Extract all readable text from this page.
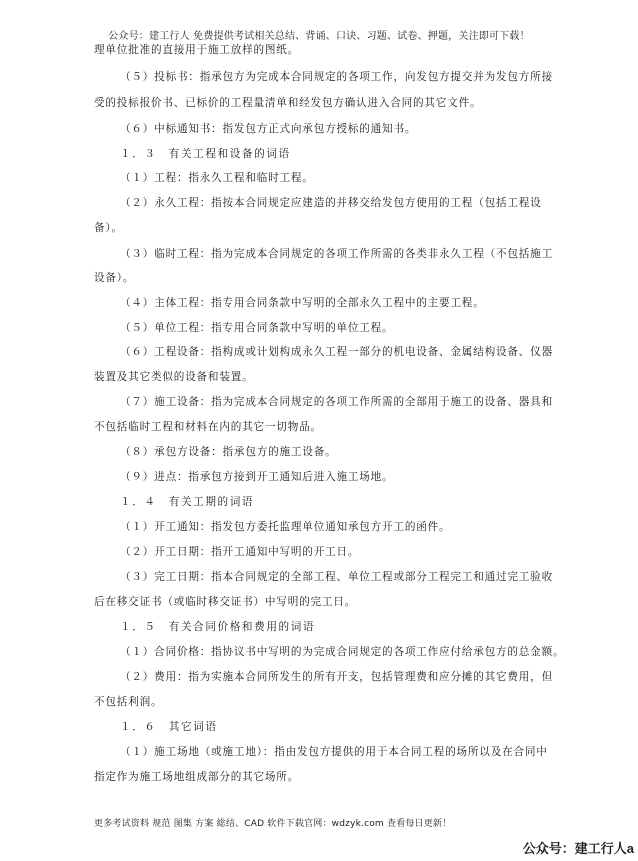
公众号：建工行人 免费提供考试相关总结、背诵、口诀、习题、试卷、押题，关注即可下载！

理单位批准的直接用于施工放样的图纸。

（５）投标书：指承包方为完成本合同规定的各项工作，向发包方提交并为发包方所接

受的投标报价书、已标价的工程量清单和经发包方确认进入合同的其它文件。

（６）中标通知书：指发包方正式向承包方授标的通知书。

１．３　有关工程和设备的词语

（１）工程：指永久工程和临时工程。

（２）永久工程：指按本合同规定应建造的并移交给发包方使用的工程（包括工程设

备）。

（３）临时工程：指为完成本合同规定的各项工作所需的各类非永久工程（不包括施工

设备）。

（４）主体工程：指专用合同条款中写明的全部永久工程中的主要工程。

（５）单位工程：指专用合同条款中写明的单位工程。

（６）工程设备：指构成或计划构成永久工程一部分的机电设备、金属结构设备、仪器

装置及其它类似的设备和装置。

（７）施工设备：指为完成本合同规定的各项工作所需的全部用于施工的设备、器具和

不包括临时工程和材料在内的其它一切物品。

（８）承包方设备：指承包方的施工设备。

（９）进点：指承包方接到开工通知后进入施工场地。

１．４　有关工期的词语

（１）开工通知：指发包方委托监理单位通知承包方开工的函件。

（２）开工日期：指开工通知中写明的开工日。

（３）完工日期：指本合同规定的全部工程、单位工程或部分工程完工和通过完工验收

后在移交证书（或临时移交证书）中写明的完工日。

１．５　有关合同价格和费用的词语

（１）合同价格：指协议书中写明的为完成合同规定的各项工作应付给承包方的总金额。

（２）费用：指为实施本合同所发生的所有开支，包括管理费和应分摊的其它费用，但

不包括利润。

１．６　其它词语

（１）施工场地（或施工地）：指由发包方提供的用于本合同工程的场所以及在合同中

指定作为施工场地组成部分的其它场所。

更多考试资料 规范 图集 方案 総结、CAD 软件下载官网：wdzyk.com 查看每日更新！
公众号：建工行人a
